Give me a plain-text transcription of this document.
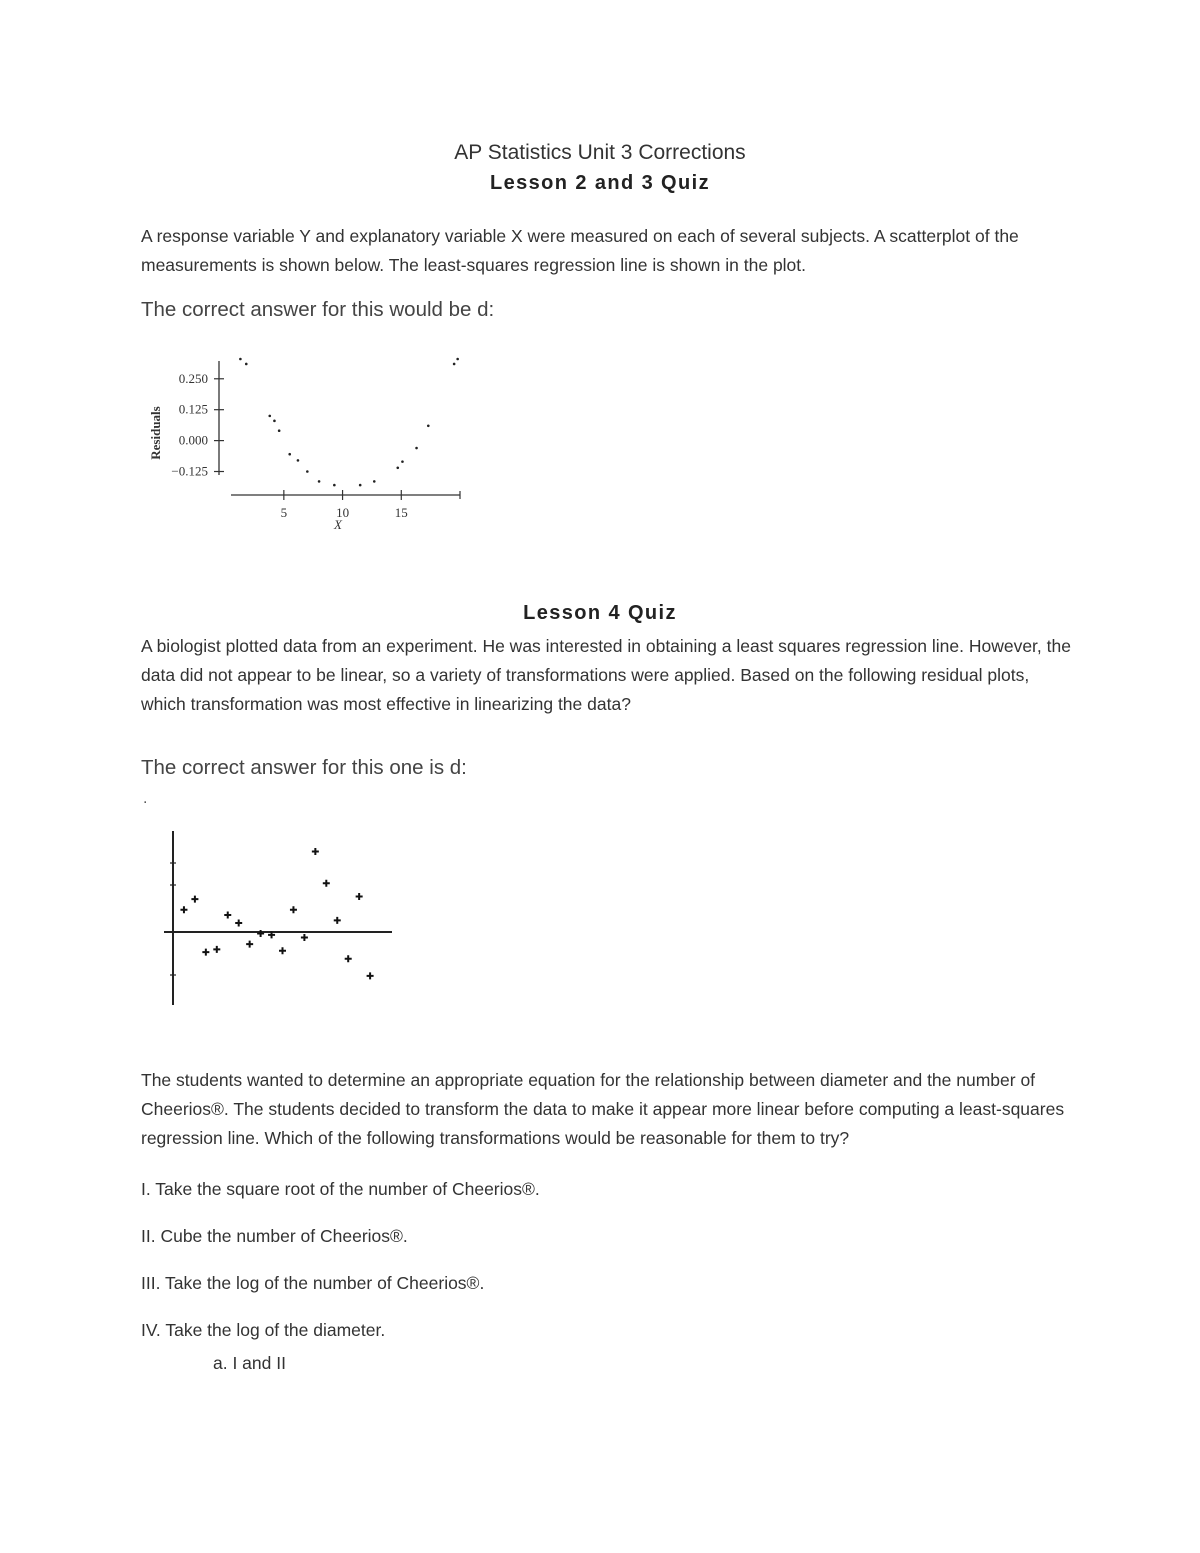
AP Statistics Unit 3 Corrections
Lesson 2 and 3 Quiz
A response variable Y and explanatory variable X were measured on each of several subjects. A scatterplot of the measurements is shown below. The least-squares regression line is shown in the plot.
The correct answer for this would be d:
0.250
0.125
0.000
−0.125
5	10	15
Residuals
X
Lesson 4 Quiz
A biologist plotted data from an experiment. He was interested in obtaining a least squares regression line. However, the data did not appear to be linear, so a variety of transformations were applied. Based on the following residual plots, which transformation was most effective in linearizing the data?
The correct answer for this one is d:
.
The students wanted to determine an appropriate equation for the relationship between diameter and the number of Cheerios®. The students decided to transform the data to make it appear more linear before computing a least-squares regression line. Which of the following transformations would be reasonable for them to try?
I. Take the square root of the number of Cheerios®.
II. Cube the number of Cheerios®.
III. Take the log of the number of Cheerios®.
IV. Take the log of the diameter.
a. I and II
